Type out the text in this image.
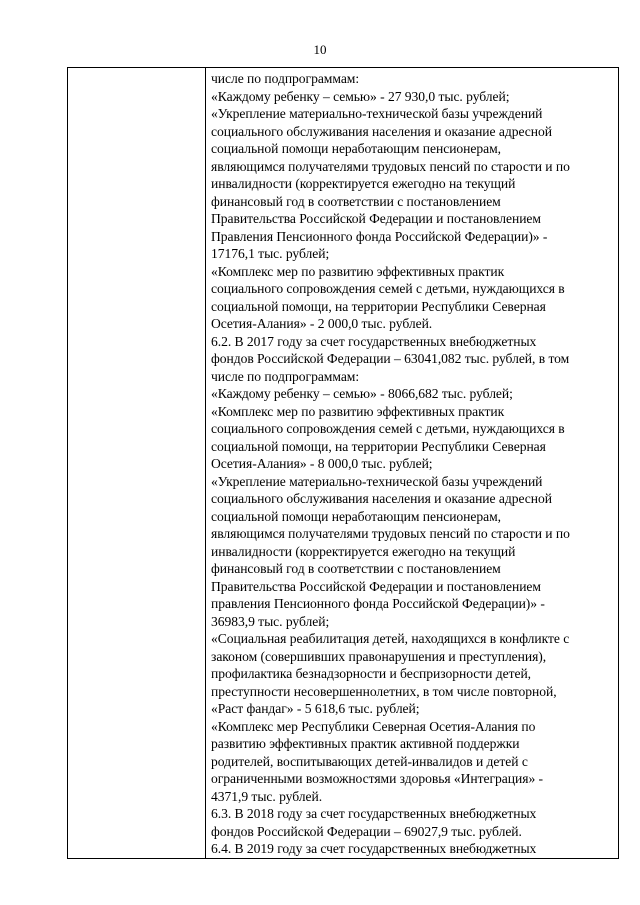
10

числе по подпрограммам:
«Каждому ребенку – семью» - 27 930,0 тыс. рублей;
«Укрепление материально-технической базы учреждений
социального обслуживания населения и оказание адресной
социальной помощи неработающим пенсионерам,
являющимся получателями трудовых пенсий по старости и по
инвалидности (корректируется ежегодно на текущий
финансовый год в соответствии с постановлением
Правительства Российской Федерации и постановлением
Правления Пенсионного фонда Российской Федерации)» -
17176,1 тыс. рублей;
«Комплекс мер по развитию эффективных практик
социального сопровождения семей с детьми, нуждающихся в
социальной помощи, на территории Республики Северная
Осетия-Алания» - 2 000,0 тыс. рублей.
6.2. В 2017 году за счет государственных внебюджетных
фондов Российской Федерации – 63041,082 тыс. рублей, в том
числе по подпрограммам:
«Каждому ребенку – семью» - 8066,682 тыс. рублей;
«Комплекс мер по развитию эффективных практик
социального сопровождения семей с детьми, нуждающихся в
социальной помощи, на территории Республики Северная
Осетия-Алания» - 8 000,0 тыс. рублей;
«Укрепление материально-технической базы учреждений
социального обслуживания населения и оказание адресной
социальной помощи неработающим пенсионерам,
являющимся получателями трудовых пенсий по старости и по
инвалидности (корректируется ежегодно на текущий
финансовый год в соответствии с постановлением
Правительства Российской Федерации и постановлением
правления Пенсионного фонда Российской Федерации)» -
36983,9 тыс. рублей;
«Социальная реабилитация детей, находящихся в конфликте с
законом (совершивших правонарушения и преступления),
профилактика безнадзорности и беспризорности детей,
преступности несовершеннолетних, в том числе повторной,
«Раст фандаг» - 5 618,6 тыс. рублей;
«Комплекс мер Республики Северная Осетия-Алания по
развитию эффективных практик активной поддержки
родителей, воспитывающих детей-инвалидов и детей с
ограниченными возможностями здоровья «Интеграция» -
4371,9 тыс. рублей.
6.3. В 2018 году за счет государственных внебюджетных
фондов Российской Федерации – 69027,9 тыс. рублей.
6.4. В 2019 году за счет государственных внебюджетных
